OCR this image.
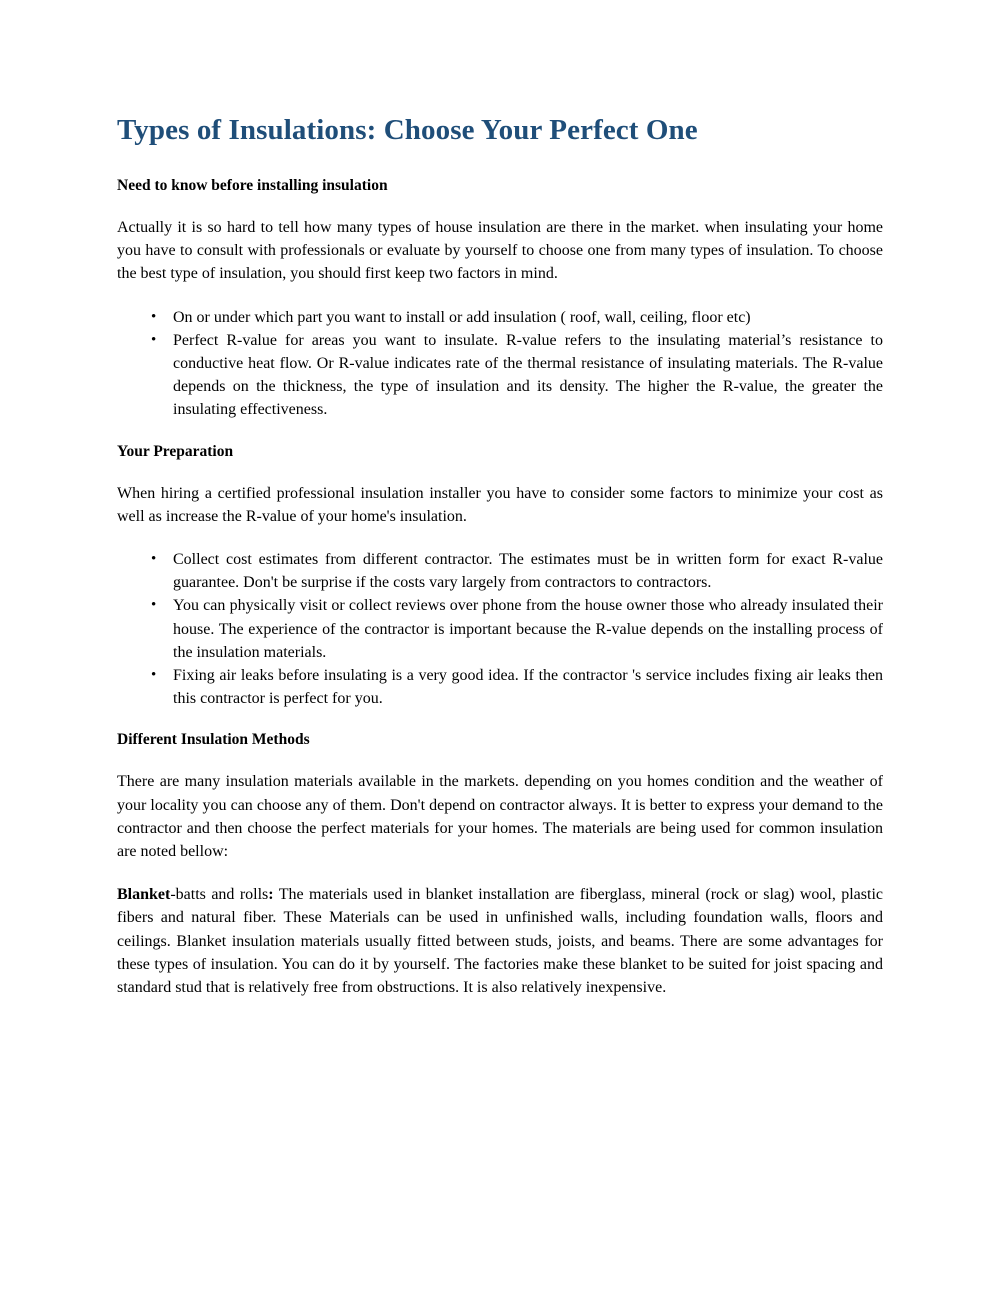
Types of Insulations: Choose Your Perfect One
Need to know before installing insulation

Actually it is so hard to tell how many types of house insulation are there in the market. when insulating your home you have to consult with professionals or evaluate by yourself to choose one from many types of insulation. To choose the best type of insulation, you should first keep two factors in mind.

• On or under which part you want to install or add insulation ( roof, wall, ceiling, floor etc)
• Perfect R-value for areas you want to insulate. R-value refers to the insulating material’s resistance to conductive heat flow. Or R-value indicates rate of the thermal resistance of insulating materials. The R-value depends on the thickness, the type of insulation and its density. The higher the R-value, the greater the insulating effectiveness.
Your Preparation

When hiring a certified professional insulation installer you have to consider some factors to minimize your cost as well as increase the R-value of your home's insulation.

• Collect cost estimates from different contractor. The estimates must be in written form for exact R-value guarantee. Don't be surprise if the costs vary largely from contractors to contractors.
• You can physically visit or collect reviews over phone from the house owner those who already insulated their house. The experience of the contractor is important because the R-value depends on the installing process of the insulation materials.
• Fixing air leaks before insulating is a very good idea. If the contractor 's service includes fixing air leaks then this contractor is perfect for you.
Different Insulation Methods

There are many insulation materials available in the markets. depending on you homes condition and the weather of your locality you can choose any of them. Don't depend on contractor always. It is better to express your demand to the contractor and then choose the perfect materials for your homes. The materials are being used for common insulation are noted bellow:

Blanket-batts and rolls: The materials used in blanket installation are fiberglass, mineral (rock or slag) wool, plastic fibers and natural fiber. These Materials can be used in unfinished walls, including foundation walls, floors and ceilings. Blanket insulation materials usually fitted between studs, joists, and beams. There are some advantages for these types of insulation. You can do it by yourself. The factories make these blanket to be suited for joist spacing and standard stud that is relatively free from obstructions. It is also relatively inexpensive.
